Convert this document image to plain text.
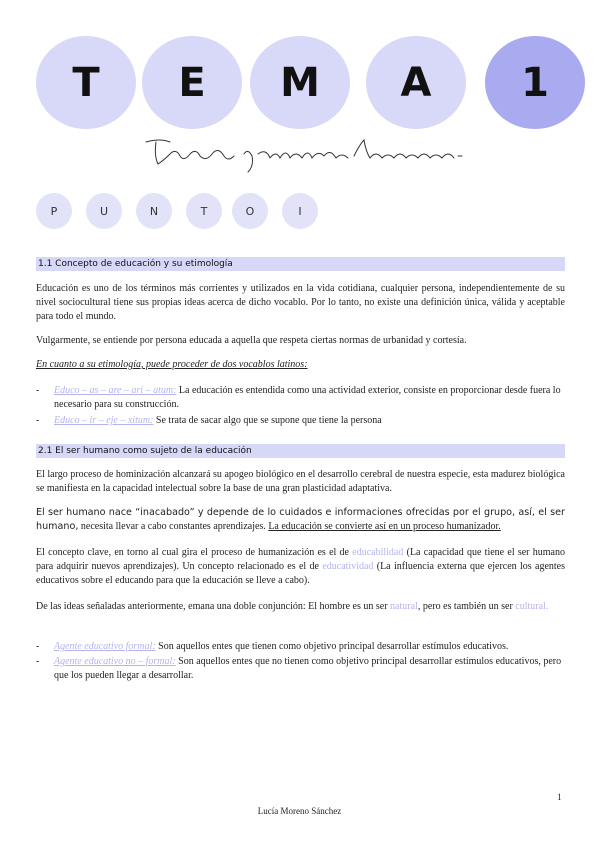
T E M A 1
P	U	N	T	O	I
1.1 Concepto de educación y su etimología
Educación es uno de los términos más corrientes y utilizados en la vida cotidiana, cualquier persona, independientemente de su nivel sociocultural tiene sus propias ideas acerca de dicho vocablo. Por lo tanto, no existe una definición única, válida y aceptable para todo el mundo.
Vulgarmente, se entiende por persona educada a aquella que respeta ciertas normas de urbanidad y cortesía.
En cuanto a su etimología, puede proceder de dos vocablos latinos:
- Educo – as – are – ari – atum: La educación es entendida como una actividad exterior, consiste en proporcionar desde fuera lo necesario para su construcción.
- Educo – ir – eje – xitum: Se trata de sacar algo que se supone que tiene la persona
2.1 El ser humano como sujeto de la educación
El largo proceso de hominización alcanzará su apogeo biológico en el desarrollo cerebral de nuestra especie, esta madurez biológica se manifiesta en la capacidad intelectual sobre la base de una gran plasticidad adaptativa.
El ser humano nace “inacabado” y depende de lo cuidados e informaciones ofrecidas por el grupo, así, el ser humano, necesita llevar a cabo constantes aprendizajes. La educación se convierte así en un proceso humanizador.
El concepto clave, en torno al cual gira el proceso de humanización es el de educabilidad (La capacidad que tiene el ser humano para adquirir nuevos aprendizajes). Un concepto relacionado es el de educatividad (La influencia externa que ejercen los agentes educativos sobre el educando para que la educación se lleve a cabo).
De las ideas señaladas anteriormente, emana una doble conjunción: El hombre es un ser natural, pero es también un ser cultural.
- Agente educativo formal: Son aquellos entes que tienen como objetivo principal desarrollar estímulos educativos.
- Agente educativo no – formal: Son aquellos entes que no tienen como objetivo principal desarrollar estímulos educativos, pero que los pueden llegar a desarrollar.
1
Lucía Moreno Sánchez
